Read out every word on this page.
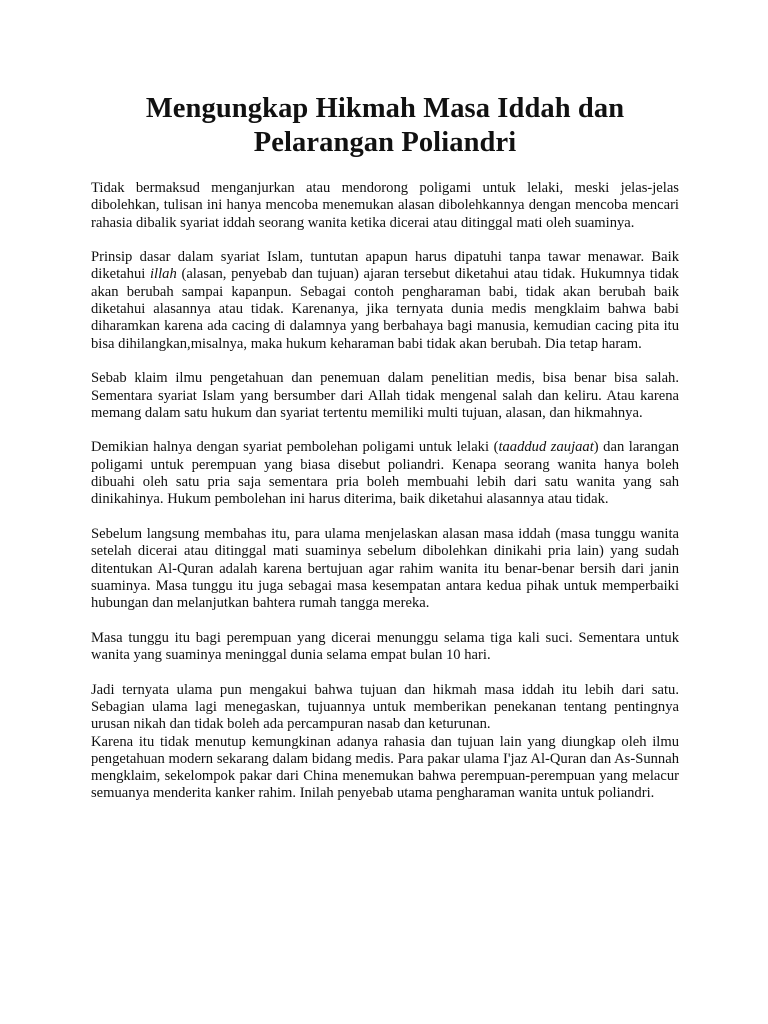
Mengungkap Hikmah Masa Iddah dan
Pelarangan Poliandri

Tidak bermaksud menganjurkan atau mendorong poligami untuk lelaki, meski jelas-jelas dibolehkan, tulisan ini hanya mencoba menemukan alasan dibolehkannya dengan mencoba mencari rahasia dibalik syariat iddah seorang wanita ketika dicerai atau ditinggal mati oleh suaminya.

Prinsip dasar dalam syariat Islam, tuntutan apapun harus dipatuhi tanpa tawar menawar. Baik diketahui illah (alasan, penyebab dan tujuan) ajaran tersebut diketahui atau tidak. Hukumnya tidak akan berubah sampai kapanpun. Sebagai contoh pengharaman babi, tidak akan berubah baik diketahui alasannya atau tidak. Karenanya, jika ternyata dunia medis mengklaim bahwa babi diharamkan karena ada cacing di dalamnya yang berbahaya bagi manusia, kemudian cacing pita itu bisa dihilangkan,misalnya, maka hukum keharaman babi tidak akan berubah. Dia tetap haram.

Sebab klaim ilmu pengetahuan dan penemuan dalam penelitian medis, bisa benar bisa salah. Sementara syariat Islam yang bersumber dari Allah tidak mengenal salah dan keliru. Atau karena memang dalam satu hukum dan syariat tertentu memiliki multi tujuan, alasan, dan hikmahnya.

Demikian halnya dengan syariat pembolehan poligami untuk lelaki (taaddud zaujaat) dan larangan poligami untuk perempuan yang biasa disebut poliandri. Kenapa seorang wanita hanya boleh dibuahi oleh satu pria saja sementara pria boleh membuahi lebih dari satu wanita yang sah dinikahinya. Hukum pembolehan ini harus diterima, baik diketahui alasannya atau tidak.

Sebelum langsung membahas itu, para ulama menjelaskan alasan masa iddah (masa tunggu wanita setelah dicerai atau ditinggal mati suaminya sebelum dibolehkan dinikahi pria lain) yang sudah ditentukan Al-Quran adalah karena bertujuan agar rahim wanita itu benar-benar bersih dari janin suaminya. Masa tunggu itu juga sebagai masa kesempatan antara kedua pihak untuk memperbaiki hubungan dan melanjutkan bahtera rumah tangga mereka.

Masa tunggu itu bagi perempuan yang dicerai menunggu selama tiga kali suci. Sementara untuk wanita yang suaminya meninggal dunia selama empat bulan 10 hari.

Jadi ternyata ulama pun mengakui bahwa tujuan dan hikmah masa iddah itu lebih dari satu. Sebagian ulama lagi menegaskan, tujuannya untuk memberikan penekanan tentang pentingnya urusan nikah dan tidak boleh ada percampuran nasab dan keturunan.

Karena itu tidak menutup kemungkinan adanya rahasia dan tujuan lain yang diungkap oleh ilmu pengetahuan modern sekarang dalam bidang medis. Para pakar ulama I'jaz Al-Quran dan As-Sunnah mengklaim, sekelompok pakar dari China menemukan bahwa perempuan-perempuan yang melacur semuanya menderita kanker rahim. Inilah penyebab utama pengharaman wanita untuk poliandri.
